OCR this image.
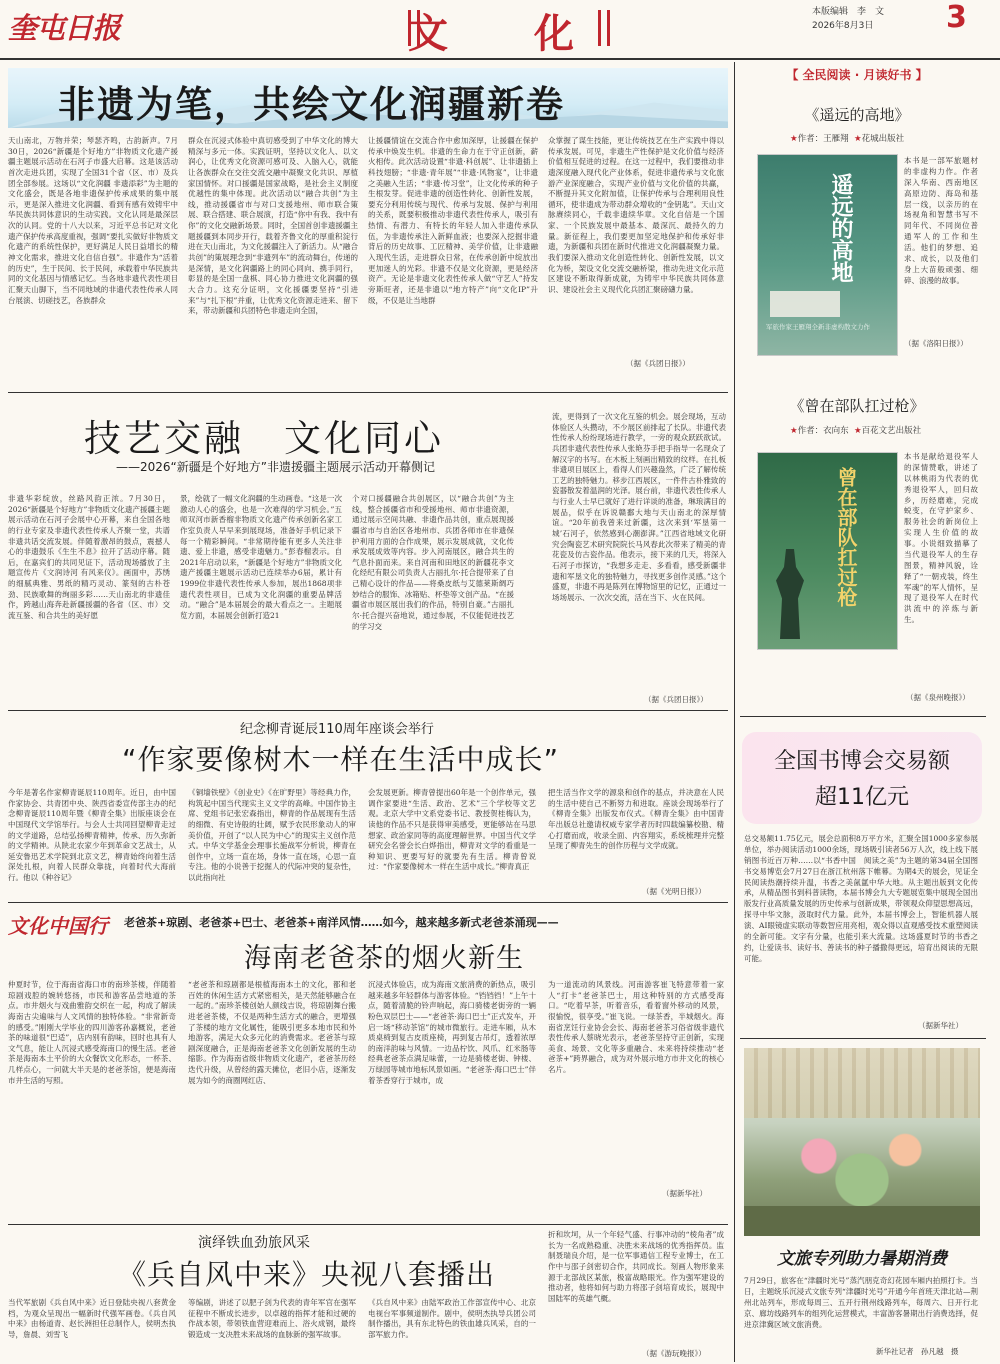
奎屯日报	文 化	本版编辑　李　文
2026年8月3日	3
非遗为笔，共绘文化润疆新卷

天山南北，万物并荣；琴瑟齐鸣，古韵新声。7月30日，2026“新疆是个好地方”非物质文化遗产援疆主题展示活动在石河子市盛大启幕。这是该活动首次走进兵团，实现了全国31个省（区、市）及兵团全部参展。这场以“文化润疆 非遗添彩”为主题的文化盛会，既是各地非遗保护传承成果的集中展示，更是深入推进文化润疆、看到有感有效铸牢中华民族共同体意识的生动实践。文化认同是最深层次的认同。党的十八大以来，习近平总书记对文化遗产保护传承高度重视，强调“要扎实做好非物质文化遗产的系统性保护，更好满足人民日益增长的精神文化需求，推进文化自信自强”。非遗作为“活着的历史”，生于民间、长于民间，承载着中华民族共同的文化基因与情感记忆。当各地非遗代表性项目汇聚天山脚下，当不同地域的非遗代表性传承人同台展演、切磋技艺，各族群众

群众在沉浸式体验中真切感受到了中华文化的博大精深与多元一体。实践证明，坚持以文化人、以文润心，让优秀文化资源可感可及、入脑入心，就能让各族群众在交往交流交融中凝聚文化共识、厚植家国情怀。对口援疆是国家战略，是社会主义制度优越性的集中体现。此次活动以“融合共创”为主线，推动援疆省市与对口支援地州、师市联合策展、联合搭建、联合展演，打造“你中有我、我中有你”的文化交融新场景。同时，全国首创非遗援疆主题援疆到本同步开行，载着齐鲁文化的厚重积淀行进在天山南北，为文化援疆注入了新活力。从“融合共创”的策展理念到“非遗列车”的流动舞台，传递的是深情，是文化润疆路上的同心同向、携手同行，彰显的是全国一盘棋、同心协力推进文化润疆的强大合力。这充分证明，文化援疆要坚持“引进来”与“扎下根”并重，让优秀文化资源走进来、留下来，带动新疆和兵团特色非遗走向全国，

让援疆情谊在交流合作中愈加深厚，让援疆在保护传承中焕发生机。非遗的生命力在于守正创新，薪火相传。此次活动设置“非遗·科创展”、让非遗插上科技翅膀；“非遗·青年展”“非遗·风物宴”，让非遗之美融入生活；“非遗·传习堂”，让文化传承的种子生根发芽。促进非遗的创造性转化、创新性发展，要充分利用传统与现代、传承与发展、保护与利用的关系，既要积极推动非遗代表性传承人，吸引有热情、有潜力、有特长的年轻人加入非遗传承队伍，为非遗传承注入新鲜血液；也要深入挖掘非遗背后的历史故事、工匠精神、美学价值，让非遗融入现代生活，走进群众日常，在传承创新中绽放出更加迷人的光彩。非遗不仅是文化资源，更是经济资产。无论是非遗文化表性传承人做“守艺人”持发旁斯旺者，还是非遗以“地方特产”向“文化IP”升级，不仅是让当地群

众掌握了谋生技能，更让传统技艺在生产实践中得以传承发展。可见，非遗生产性保护是文化价值与经济价值相互促进的过程。在这一过程中，我们要推动非遗深度融入现代化产业体系，促进非遗传承与文化旅游产业深度融合，实现产业价值与文化价值的共赢，不断提升其文化附加值，让保护传承与合理利用良性循环，使非遗成为带动群众增收的“金钥匙”。天山文脉赓续同心，千载非遗续华章。文化自信是一个国家、一个民族发展中最基本、最深沉、最持久的力量。新征程上，我们要更加坚定地保护和传承好非遗，为新疆和兵团在新时代推进文化润疆凝聚力量。我们要深入推动文化创造性转化、创新性发展，以文化为桥，架设文化交流交融桥梁，推动先进文化示范区建设不断取得新成就，为铸牢中华民族共同体意识、建设社会主义现代化兵团汇聚磅礴力量。

（据《兵团日报》）
技艺交融　文化同心
——2026“新疆是个好地方”非遗援疆主题展示活动开幕侧记

非遗华彩绽放，丝路风韵正浓。7月30日，2026“新疆是个好地方”非物质文化遗产援疆主题展示活动在石河子会展中心开幕，来自全国各地的行业专家及非遗代表性传承人齐聚一堂，共谱非遗共话交流发展。伴随着激昂的鼓点，震撼人心的非遗鼓乐《生生不息》拉开了活动序幕。随后，在嘉宾们的共同见证下，活动现场播放了主题宣传片《文润诗河 有风来仪》。画面中，苏绣的细腻典雅、男纸的精巧灵动、篆刻的古朴苍劲、民族歌舞的绚丽多彩……天山南北的非遗佳作，跨越山海奔赴新疆援疆的各省（区、市）交流互鉴、和合共生的美好愿

景，绘就了一幅文化润疆的生动画卷。“这是一次激动人心的盛会，也是一次难得的学习机会。”五师双河市新香榴非物质文化遗产传承创新名家工作室负责人早早来到展现场，准备好手机记录下每一个精彩瞬间。“非常期待能有更多人关注非遗、爱上非遗，感受非遗魅力。”彭春榴表示。自2021年启动以来，“新疆是个好地方”非物质文化遗产援疆主题展示活动已连续举办6届，累计有1999位非遗代表性传承人参加，展出1868项非遗代表性项目，已成为文化润疆的重要品牌活动。“融合”是本届展会的最大看点之一。主题展览方面，本届展会创新打造21

个对口援疆融合共创展区，以“融合共创”为主线，整合援疆省市和受援地州、师市非遗资源，通过展示空间共融、非遗作品共创，重点展现援疆省市与自治区各地州市、兵团各师市在非遗保护利用方面的合作成果，展示发展成就，文化传承发展成效等内容。步入河南展区，融合共生的气息扑面而来。来自河南和田地区的新疆花李文化经纪有限公司负责人古丽扎尔·托合提带来了自己精心设计的作品——将桑皮纸与艾德莱斯绸巧妙结合的服饰、冰箱贴、杯垫等文创产品。“在援疆省市展区展出我们的作品，特别自豪。”古丽扎尔·托合提兴奋地说，通过参展，不仅能促进技艺的学习交

流，更得到了一次文化互鉴的机会。展会现场，互动体验区人头攒动，不少展区前排起了长队。非遗代表性传承人纷纷现场进行教学，一旁的观众跃跃欲试。兵团非遗代表性传承人张艳芬手把手指导一名现众了解汉字的书写。在木板上刻画出精致的纹样。在扎板非遗项目展区上，看得人们兴趣盎然，广泛了解传统工艺的独特魅力。移步江西展区，一件件古朴雅致的瓷器散发着温润的光泽。展台前，非遗代表性传承人与行业人士早已就好了进行详谈的准备，琳琅满目的展品，似乎在诉说赣鄱大地与天山南北的深厚情谊。“20年前我曾来过新疆，这次来到‘军垦第一城’石河子，依然感到心潮澎湃。”江西省地域文化研究会陶瓷艺术研究院院长马风春此次带来了精美的青花瓷及仿古瓷作品。他表示，接下来的几天，将深入石河子市探访，“我想多走走、多看看，感受新疆非遗和军垦文化的独特魅力，寻找更多创作灵感。”这个盛夏，非遗不再是陈列在博物馆里的记忆，正通过一场场展示、一次次交流，活在当下、火在民间。

（据《兵团日报》）
纪念柳青诞辰110周年座谈会举行
“作家要像树木一样在生活中成长”

今年是著名作家柳青诞辰110周年。近日，由中国作家协会、共青团中央、陕西省委宣传部主办的纪念柳青诞辰110周年暨《柳青全集》出版座谈会在中国现代文学馆举行。与会人士共同回望柳青走过的文学道路，总结弘扬柳青精神，传承、历久弥新的文学精神。从陕北农家少年到革命文艺战士，从延安鲁迅艺术学院到北京文艺，柳青始终向着生活深处扎根，向着人民群众靠拢，向着时代大海前行。他以《种谷记》

《铜墙铁壁》《创业史》《在旷野里》等经典力作，构筑起中国当代现实主义文学的高峰。中国作协主席、党组书记张宏森指出，柳青的作品展现有生活的细微、有史诗般的壮阔，赋予农民形象动人的审美价值，开创了“以人民为中心”的现实主义创作范式。中华文学基金会理事长施战军分析说，柳青在创作中，立场一直在场，身体一直在场，心思一直专注。他的小说善于挖掘人的代际冲突的复杂性，以此指向社

会发展更新。柳青曾提出60年是一个创作单元，强调作家要进“生活、政治、艺术”三个学校等文艺观。北京大学中文系党委书记、教授贺桂梅认为，读他的作品不只是获得审美感受，更能够站在马思想家、政治家同等的高度理解世界。中国当代文学研究会名誉会长白烨指出，柳青对文学的看重是一种知识、更要写好的就要先有生活。柳青曾说过：“作家要像树木一样在生活中成长。”柳青真正

把生活当作文学的源泉和创作的基点，并决意在人民的生活中使自己不断努力和进取。座谈会现场举行了《柳青全集》出版发布仪式。《柳青全集》由中国青年出版总社邀请权威专家学者历时四载编纂校勘、精心打磨而成，收录全面、内容翔实，系统梳理并完整呈现了柳青先生的创作历程与文学成就。

（据《光明日报》）
文化中国行 老爸茶+琼剧、老爸茶+巴士、老爸茶+南洋风情……如今，越来越多新式老爸茶涌现——
海南老爸茶的烟火新生

仲夏时节，位于海南省海口市的南珍茶楼，伴随着琼剧戏腔的婉转悠扬，市民和游客品尝地道的茶点。市井烟火与戏曲雅韵交织在一起，构成了解读海南古尖遍味与人文风情的独特体验。“非常新奇的感受。”刚刚大学毕业的四川游客孙嘉概说，老爸茶的味道很“巴适”，店内别有韵味，回时也具有人文气息，能让人沉浸式感受海南口的慢生活。老爸茶是海南本土平价的大众餐饮文化形态，一杯茶、几样点心，一问就大半天是的老爸茶馆，便是海南市井生活的写照。

“老爸茶和琼剧都是根植海南本土的文化，都和老百姓的休闲生活方式紧密相关，是天然能够融合在一起的。”南珍茶楼创始人颜线吉说，将琼剧舞台搬进老爸茶楼，不仅是两种生活方式的融合，更增强了茶楼的地方文化属性，能吸引更多本地市民和外地游客，满足大众多元化的消费需求。老爸茶与琼剧深度融合，正是海南老爸茶文化创新发展的生动缩影。作为海南省级非物质文化遗产，老爸茶历经迭代升级，从曾经的露天摊位，老旧小店，逐渐发展为如今的商圈网红店、

沉浸式体验店，成为海南文旅消费的新热点，吸引越来越多年轻群体与游客体验。“铛铛铛！”上午十点，随着清脆的铃声响起，海口骑楼老街旁的一辆粉色双层巴士——“老爸茶·海口巴士”正式发车，开启一场“移动茶馆”的城市微旅行。走进车厢，从木质桌椅到复古皮质座椅，再到复古吊灯，透着浓厚的南洋韵味与风情。一边品柠饮、风爪、红米肠等经典老爸茶点满足味蕾，一边是骑楼老街、钟楼、万绿园等城市地标风景如画。“老爸茶·海口巴士”伴着茶香穿行于城市，成

为一道流动的风景线。河南游客崔飞特意带着一家人“打卡”老爸茶巴士，用这种特别的方式感受海口。“吃着早茶，听着音乐，看着窗外移动的风景，很愉悦，很享受。”崔飞说。一绿茶香，半城烟火。海南省烹饪行业协会会长、海南老爸茶习俗省级非遗代表性传承人蔡晓光表示，老爸茶坚持守正创新，实现美食、场景、文化等多重融合、未来将持续推动“老爸茶+”跨界融合，成为对外展示地方市井文化的核心名片。

（据新华社）
演绎铁血劲旅风采
《兵自风中来》央视八套播出

当代军旅剧《兵自风中来》近日登陆央视八套黄金档，为观众呈现出一幅新时代强军画卷。《兵自风中来》由杨道青、赵长洲担任总制作人，侯明杰执导，詹晨、刘雪飞

等编剧，讲述了以肥子剑为代表的青年军官在强军征程中不断成长进步，以卓越的指挥才能和过硬的作战本领，带领铁血营迎难而上、浴火成钢，最终锻造成一支决胜未来战场的血脉新的强军故事。

《兵自风中来》由陆军政治工作部宣传中心、北京电视台军事频道制作。剧中，侯明杰执导兵团公司制作播出，具有东北特色的铁血雄兵风采，自的一部军旅力作。

折和坎坷，从一个年轻气盛、行事冲动的“棱角者”成长为一名成熟稳重、决胜未来战场的优秀指挥员。监制聂瑞良介绍，是一位军事通信工程专业博士，在工作中与邵子剑密切合作，共同成长。刻画人物形象来源于北部战区某旅，极富战略眼光。作为强军建设的推动者，他将如何与助力将邵子剑培育成长，展现中国陆军的英雄气概。

（据《游玩晚报》）
【 全民阅读 · 月读好书 】
《遥远的高地》
★作者：王雁翔 ★花城出版社
遥远的高地
军旅作家王雁翔全新非虚构散文力作

本书是一部军旅题材的非虚构力作。作者深入华南、西南地区高原边防、海岛和基层一线，以亲历的在场视角和智慧书写不同年代、不同岗位普通军人的工作和生活。他们的梦想、追求、成长，以及他们身上大苗般顽强、细碎、浪漫的故事。

（据《洛阳日报》）
《曾在部队扛过枪》
★作者：衣向东 ★百花文艺出版社
曾在部队扛过枪

本书是献给退役军人的深情赞歌，讲述了以林桃雨为代表的优秀退役军人，回归故乡，历经磨难，完成蜕变，在守护家乡、服务社会的新岗位上实现人生价值的故事。小说细致描摹了当代退役军人的生存图景，精神风貌，诠释了“一朝戎装，终生军魂”的军人情怀，呈现了退役军人在时代洪流中的淬炼与新生。

（据《泉州晚报》）
全国书博会交易额
超11亿元

总交易额11.75亿元，展会总面积8万平方米，汇聚全国1000多家参展单位，举办阅读活动1000余场，现场吸引读者56万人次，线上线下展销图书近百万种……以“书香中国　阅读之美”为主题的第34届全国图书交易博览会7月27日在浙江杭州落下帷幕。为期4天的展会，见证全民阅读热潮持续升温，书香之美氤氲中华大地。从主题出版到文化传承，从精品图书到科普读物，本届书博会九大专题展览集中展现全国出版发行业高质量发展的历史传承与创新成果，带领观众仰望思想高远，探寻中华文脉，汲取时代力量。此外，本届书博会上，智能机器人展演、AI眼镜虚实联动等数智应用亮相，观众得以直观感受技术重塑阅读的全新可能。文字有分量，也能引来大流量。这场盛夏时节的书香之约，让爱读书、读好书、善读书的种子播撒得更远，培育出阅读的无限可能。

（据新华社）
文旅专列助力暑期消费

7月29日，旅客在“津疆时光号”蒸汽朋克奇幻花园车厢内拍照打卡。当日，主题统乐沉浸式文旅专列“津疆时光号”开通今年首班天津北站—荆州北站列车，形成每周三、五开行荆州线路列车，每周六、日开行北京、廊坊线路列车的组列化运营模式，丰富游客暑期出行消费选择，促进京津冀区域文旅消费。

新华社记者　孙凡越　摄
